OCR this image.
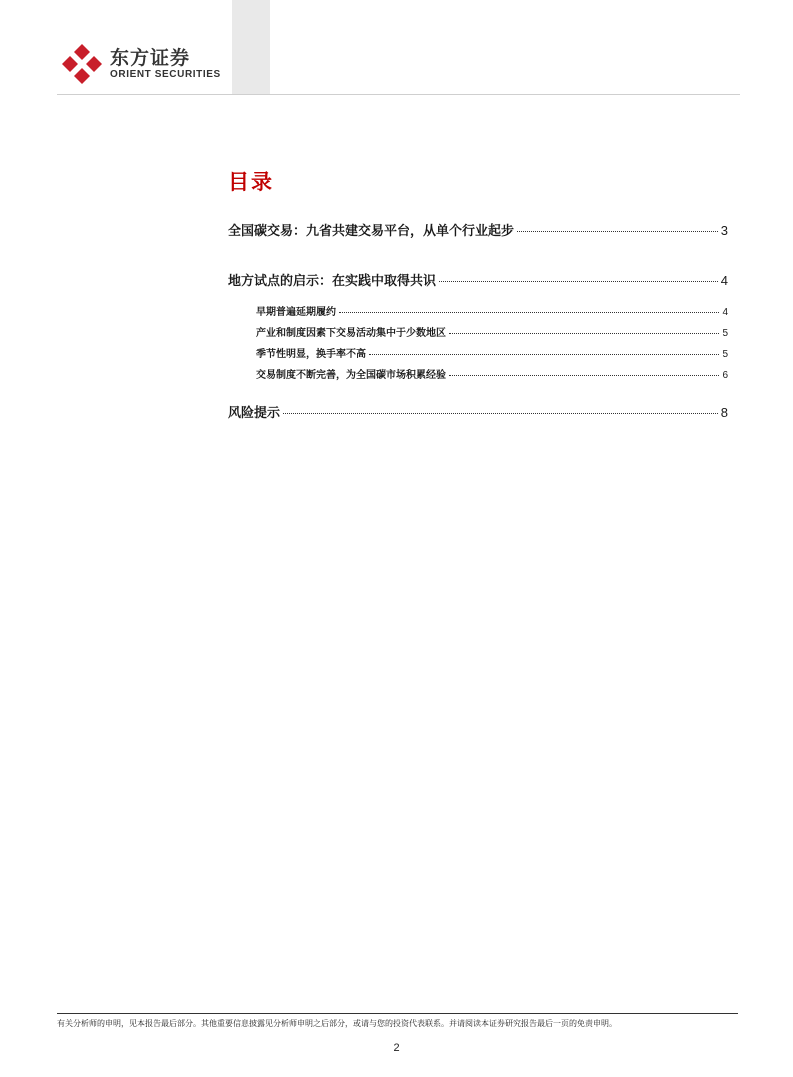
东方证券
ORIENT SECURITIES
目录
全国碳交易：九省共建交易平台，从单个行业起步	3
地方试点的启示：在实践中取得共识	4
早期普遍延期履约	4
产业和制度因素下交易活动集中于少数地区	5
季节性明显，换手率不高	5
交易制度不断完善，为全国碳市场积累经验	6
风险提示	8
有关分析师的申明，见本报告最后部分。其他重要信息披露见分析师申明之后部分，或请与您的投资代表联系。并请阅读本证券研究报告最后一页的免责申明。
2
